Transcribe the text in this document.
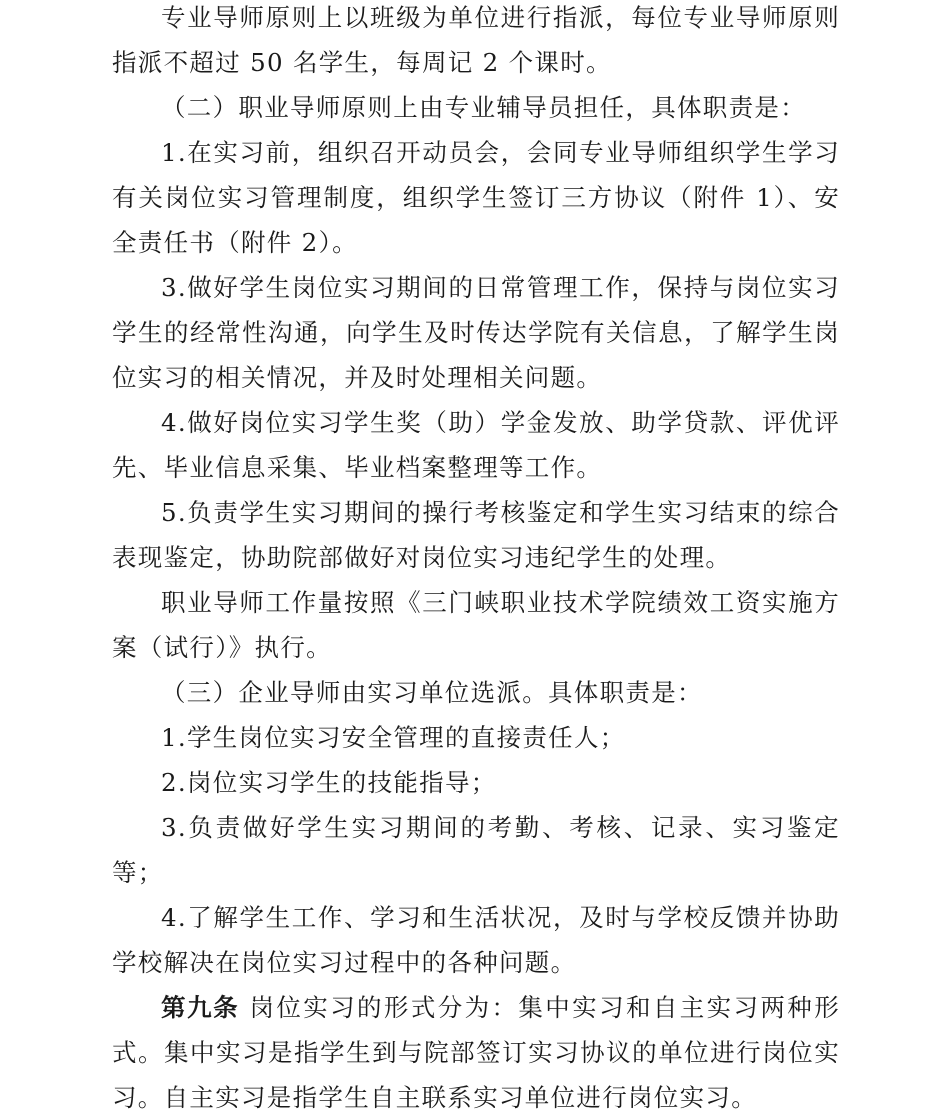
专业导师原则上以班级为单位进行指派，每位专业导师原则指派不超过 50 名学生，每周记 2 个课时。

（二）职业导师原则上由专业辅导员担任，具体职责是：

1.在实习前，组织召开动员会，会同专业导师组织学生学习有关岗位实习管理制度，组织学生签订三方协议（附件 1）、安全责任书（附件 2）。

3.做好学生岗位实习期间的日常管理工作，保持与岗位实习学生的经常性沟通，向学生及时传达学院有关信息，了解学生岗位实习的相关情况，并及时处理相关问题。

4.做好岗位实习学生奖（助）学金发放、助学贷款、评优评先、毕业信息采集、毕业档案整理等工作。

5.负责学生实习期间的操行考核鉴定和学生实习结束的综合表现鉴定，协助院部做好对岗位实习违纪学生的处理。

职业导师工作量按照《三门峡职业技术学院绩效工资实施方案（试行）》执行。

（三）企业导师由实习单位选派。具体职责是：

1.学生岗位实习安全管理的直接责任人；

2.岗位实习学生的技能指导；

3.负责做好学生实习期间的考勤、考核、记录、实习鉴定等；

4.了解学生工作、学习和生活状况，及时与学校反馈并协助学校解决在岗位实习过程中的各种问题。

第九条 岗位实习的形式分为：集中实习和自主实习两种形式。集中实习是指学生到与院部签订实习协议的单位进行岗位实习。自主实习是指学生自主联系实习单位进行岗位实习。
